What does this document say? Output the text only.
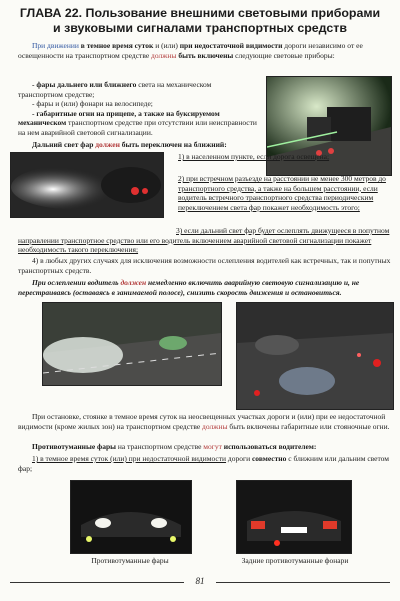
ГЛАВА 22. Пользование внешними световыми приборами
и звуковыми сигналами транспортных средств
При движении в темное время суток и (или) при недостаточной видимости дороги независимо от ее освещенности на транспортном средстве должны быть включены следующие световые приборы:
- фары дальнего или ближнего света на механическом транспортном средстве;
- фары и (или) фонари на велосипеде;
- габаритные огни на прицепе, а также на буксируемом механическом транспортном средстве при отсутствии или неисправности на нем аварийной световой сигнализации.
Дальний свет фар должен быть переключен на ближний:
1) в населенном пункте, если дорога освещена;
2) при встречном разъезде на расстоянии не менее 300 метров до транспортного средства, а также на большем расстоянии, если водитель встречного транспортного средства периодическим переключением света фар покажет необходимость этого;
3) если дальний свет фар будет ослеплять движущееся в попутном направлении транспортное средство или его водитель включением аварийной световой сигнализации покажет необходимость такого переключения;
4) в любых других случаях для исключения возможности ослепления водителей как встречных, так и попутных транспортных средств.
При ослеплении водитель должен немедленно включить аварийную световую сигнализацию и, не перестраиваясь (оставаясь в занимаемой полосе), снизить скорость движения и остановиться.
При остановке, стоянке в темное время суток на неосвещенных участках дороги и (или) при ее недостаточной видимости (кроме жилых зон) на транспортном средстве должны быть включены габаритные или стояночные огни.
Противотуманные фары на транспортном средстве могут использоваться водителем:
1) в темное время суток (или) при недостаточной видимости дороги совместно с ближним или дальним светом фар;
Противотуманные фары	Задние противотуманные фонари
81
